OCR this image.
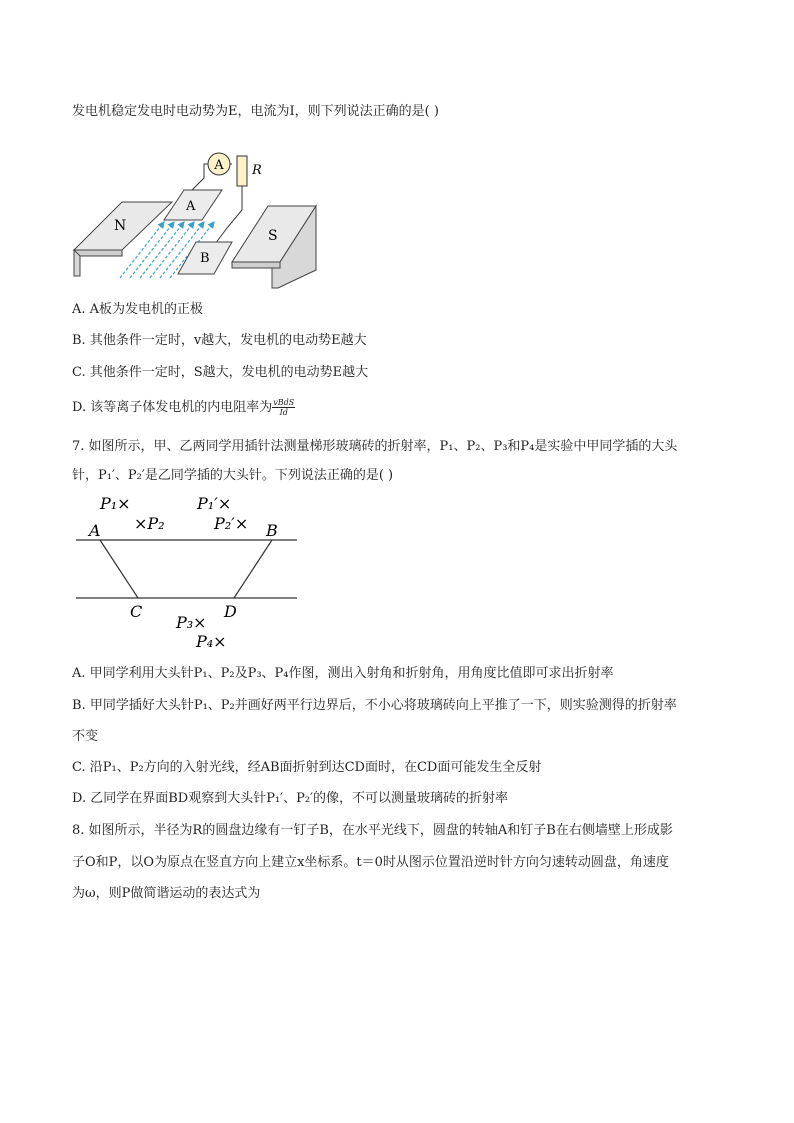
发电机稳定发电时电动势为E，电流为I，则下列说法正确的是( )
A R
N
A
B
S
A. A板为发电机的正极
B. 其他条件一定时，v越大，发电机的电动势E越大
C. 其他条件一定时，S越大，发电机的电动势E越大
D. 该等离子体发电机的内电阻率为 $\frac{\text{vBdS}}{Id}$
7. 如图所示，甲、乙两同学用插针法测量梯形玻璃砖的折射率，P₁、P₂、P₃和P₄是实验中甲同学插的大头
针，P₁′、P₂′是乙同学插的大头针。下列说法正确的是( )
P₁×
×P₂
P₁′×
P₂′×
A	B
C	D
P₃×
P₄×
A. 甲同学利用大头针P₁、P₂及P₃、P₄作图，测出入射角和折射角，用角度比值即可求出折射率
B. 甲同学插好大头针P₁、P₂并画好两平行边界后，不小心将玻璃砖向上平推了一下，则实验测得的折射率
不变
C. 沿P₁、P₂方向的入射光线，经AB面折射到达CD面时，在CD面可能发生全反射
D. 乙同学在界面BD观察到大头针P₁′、P₂′的像，不可以测量玻璃砖的折射率
8. 如图所示，半径为R的圆盘边缘有一钉子B，在水平光线下，圆盘的转轴A和钉子B在右侧墙壁上形成影
子O和P，以O为原点在竖直方向上建立x坐标系。t＝0时从图示位置沿逆时针方向匀速转动圆盘，角速度
为ω，则P做简谐运动的表达式为
